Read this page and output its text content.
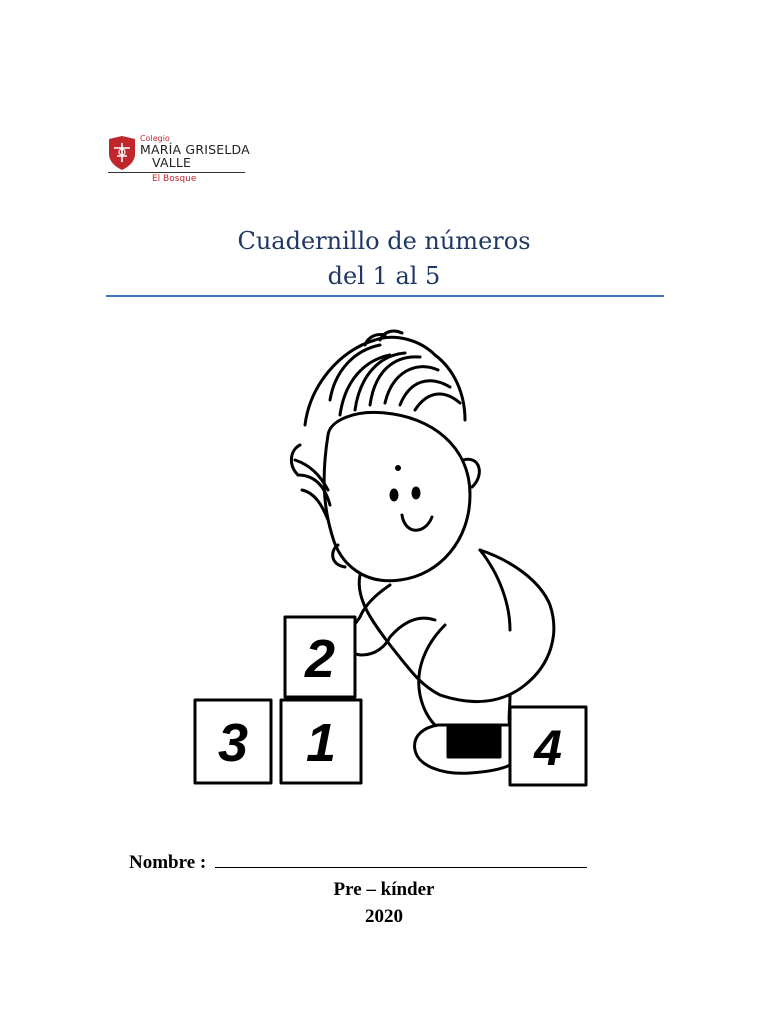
Colegio
MARÍA GRISELDA
VALLE
El Bosque
Cuadernillo de números
del 1 al 5
3 1
2
4
Nombre :
Pre – kínder
2020
